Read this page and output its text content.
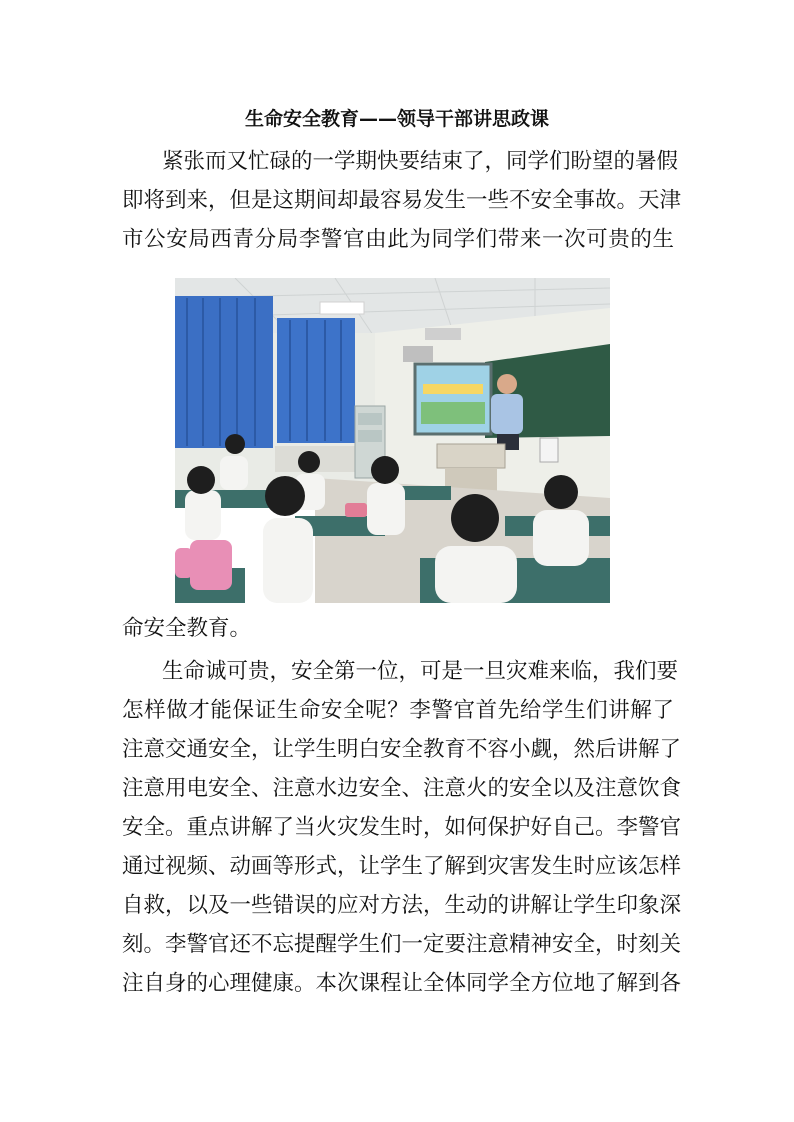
生命安全教育——领导干部讲思政课
紧张而又忙碌的一学期快要结束了，同学们盼望的暑假
即将到来，但是这期间却最容易发生一些不安全事故。天津
市公安局西青分局李警官由此为同学们带来一次可贵的生
命安全教育。
生命诚可贵，安全第一位，可是一旦灾难来临，我们要
怎样做才能保证生命安全呢？李警官首先给学生们讲解了
注意交通安全，让学生明白安全教育不容小觑，然后讲解了
注意用电安全、注意水边安全、注意火的安全以及注意饮食
安全。重点讲解了当火灾发生时，如何保护好自己。李警官
通过视频、动画等形式，让学生了解到灾害发生时应该怎样
自救，以及一些错误的应对方法，生动的讲解让学生印象深
刻。李警官还不忘提醒学生们一定要注意精神安全，时刻关
注自身的心理健康。本次课程让全体同学全方位地了解到各
